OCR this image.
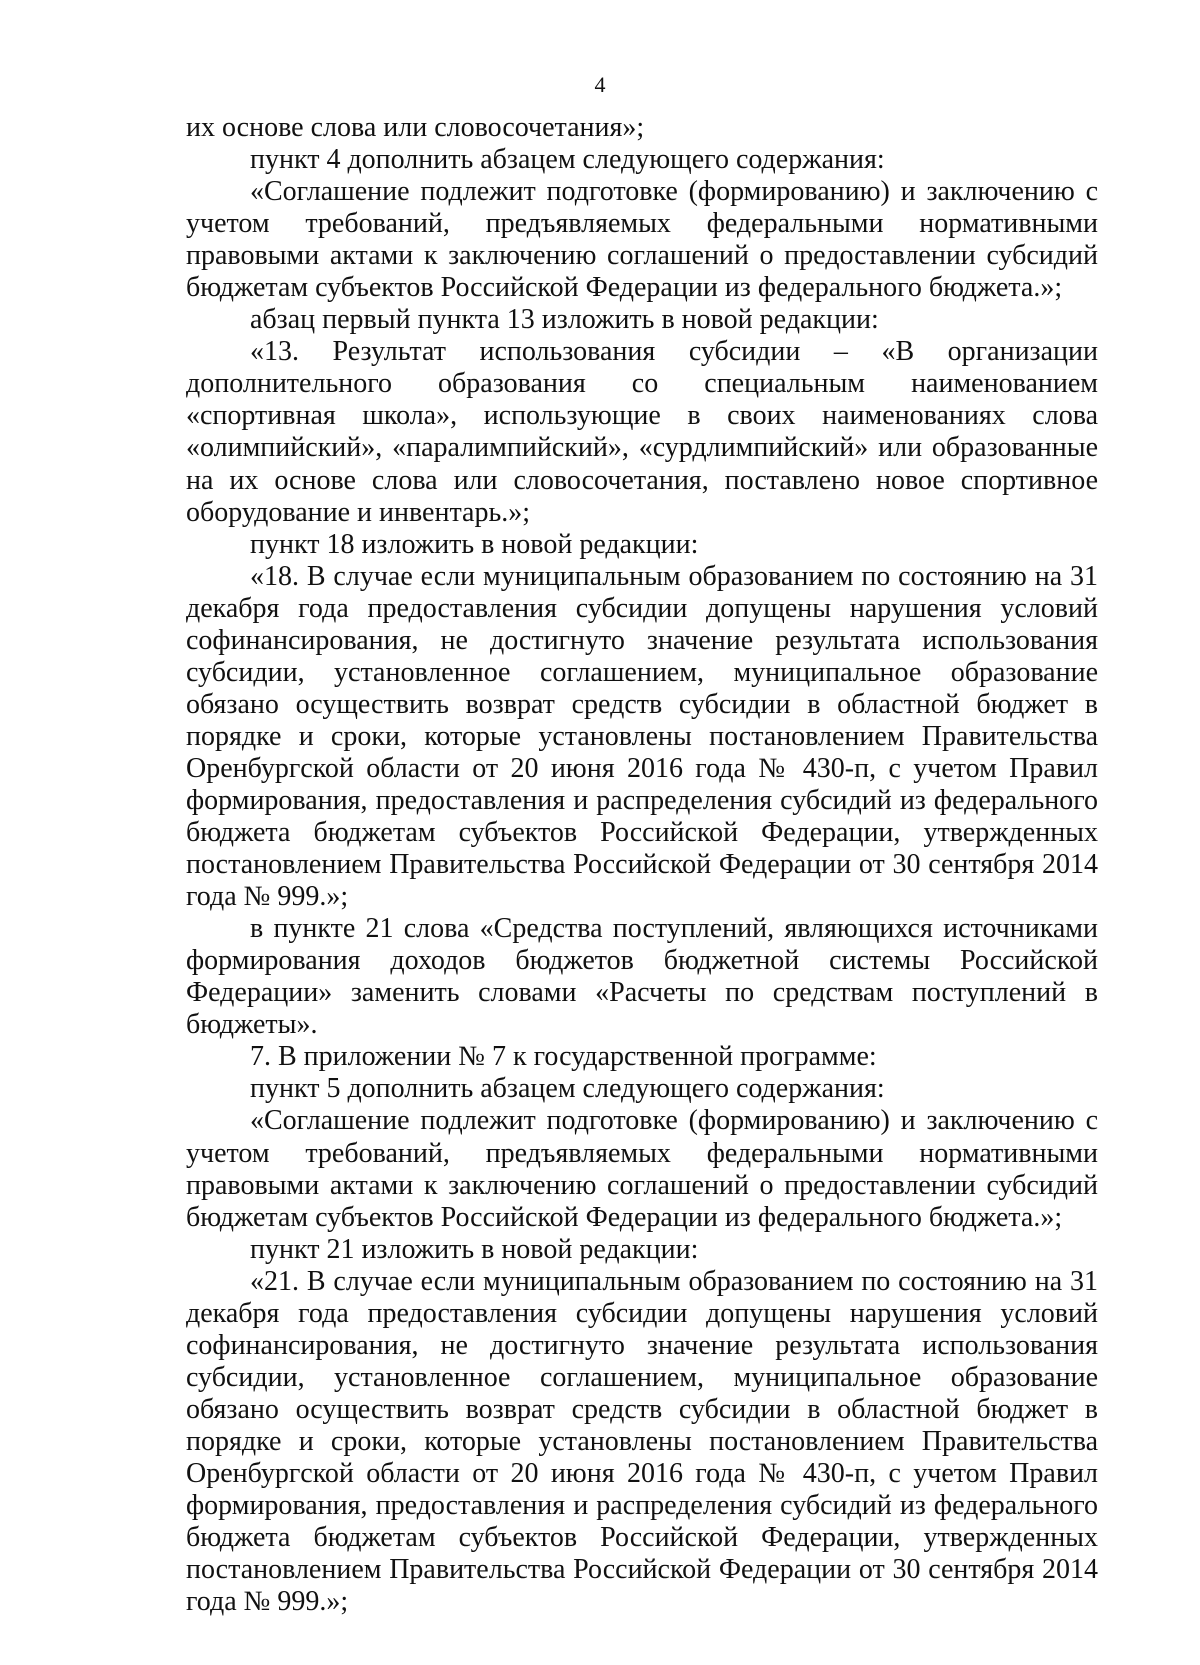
4

их основе слова или словосочетания»;

пункт 4 дополнить абзацем следующего содержания:

«Соглашение подлежит подготовке (формированию) и заключению с учетом требований, предъявляемых федеральными нормативными правовыми актами к заключению соглашений о предоставлении субсидий бюджетам субъектов Российской Федерации из федерального бюджета.»;

абзац первый пункта 13 изложить в новой редакции:

«13. Результат использования субсидии – «В организации дополнительного образования со специальным наименованием «спортивная школа», использующие в своих наименованиях слова «олимпийский», «паралимпийский», «сурдлимпийский» или образованные на их основе слова или словосочетания, поставлено новое спортивное оборудование и инвентарь.»;

пункт 18 изложить в новой редакции:

«18. В случае если муниципальным образованием по состоянию на 31 декабря года предоставления субсидии допущены нарушения условий софинансирования, не достигнуто значение результата использования субсидии, установленное соглашением, муниципальное образование обязано осуществить возврат средств субсидии в областной бюджет в порядке и сроки, которые установлены постановлением Правительства Оренбургской области от 20 июня 2016 года № 430-п, с учетом Правил формирования, предоставления и распределения субсидий из федерального бюджета бюджетам субъектов Российской Федерации, утвержденных постановлением Правительства Российской Федерации от 30 сентября 2014 года № 999.»;

в пункте 21 слова «Средства поступлений, являющихся источниками формирования доходов бюджетов бюджетной системы Российской Федерации» заменить словами «Расчеты по средствам поступлений в бюджеты».

7. В приложении № 7 к государственной программе:

пункт 5 дополнить абзацем следующего содержания:

«Соглашение подлежит подготовке (формированию) и заключению с учетом требований, предъявляемых федеральными нормативными правовыми актами к заключению соглашений о предоставлении субсидий бюджетам субъектов Российской Федерации из федерального бюджета.»;

пункт 21 изложить в новой редакции:

«21. В случае если муниципальным образованием по состоянию на 31 декабря года предоставления субсидии допущены нарушения условий софинансирования, не достигнуто значение результата использования субсидии, установленное соглашением, муниципальное образование обязано осуществить возврат средств субсидии в областной бюджет в порядке и сроки, которые установлены постановлением Правительства Оренбургской области от 20 июня 2016 года № 430-п, с учетом Правил формирования, предоставления и распределения субсидий из федерального бюджета бюджетам субъектов Российской Федерации, утвержденных постановлением Правительства Российской Федерации от 30 сентября 2014 года № 999.»;
